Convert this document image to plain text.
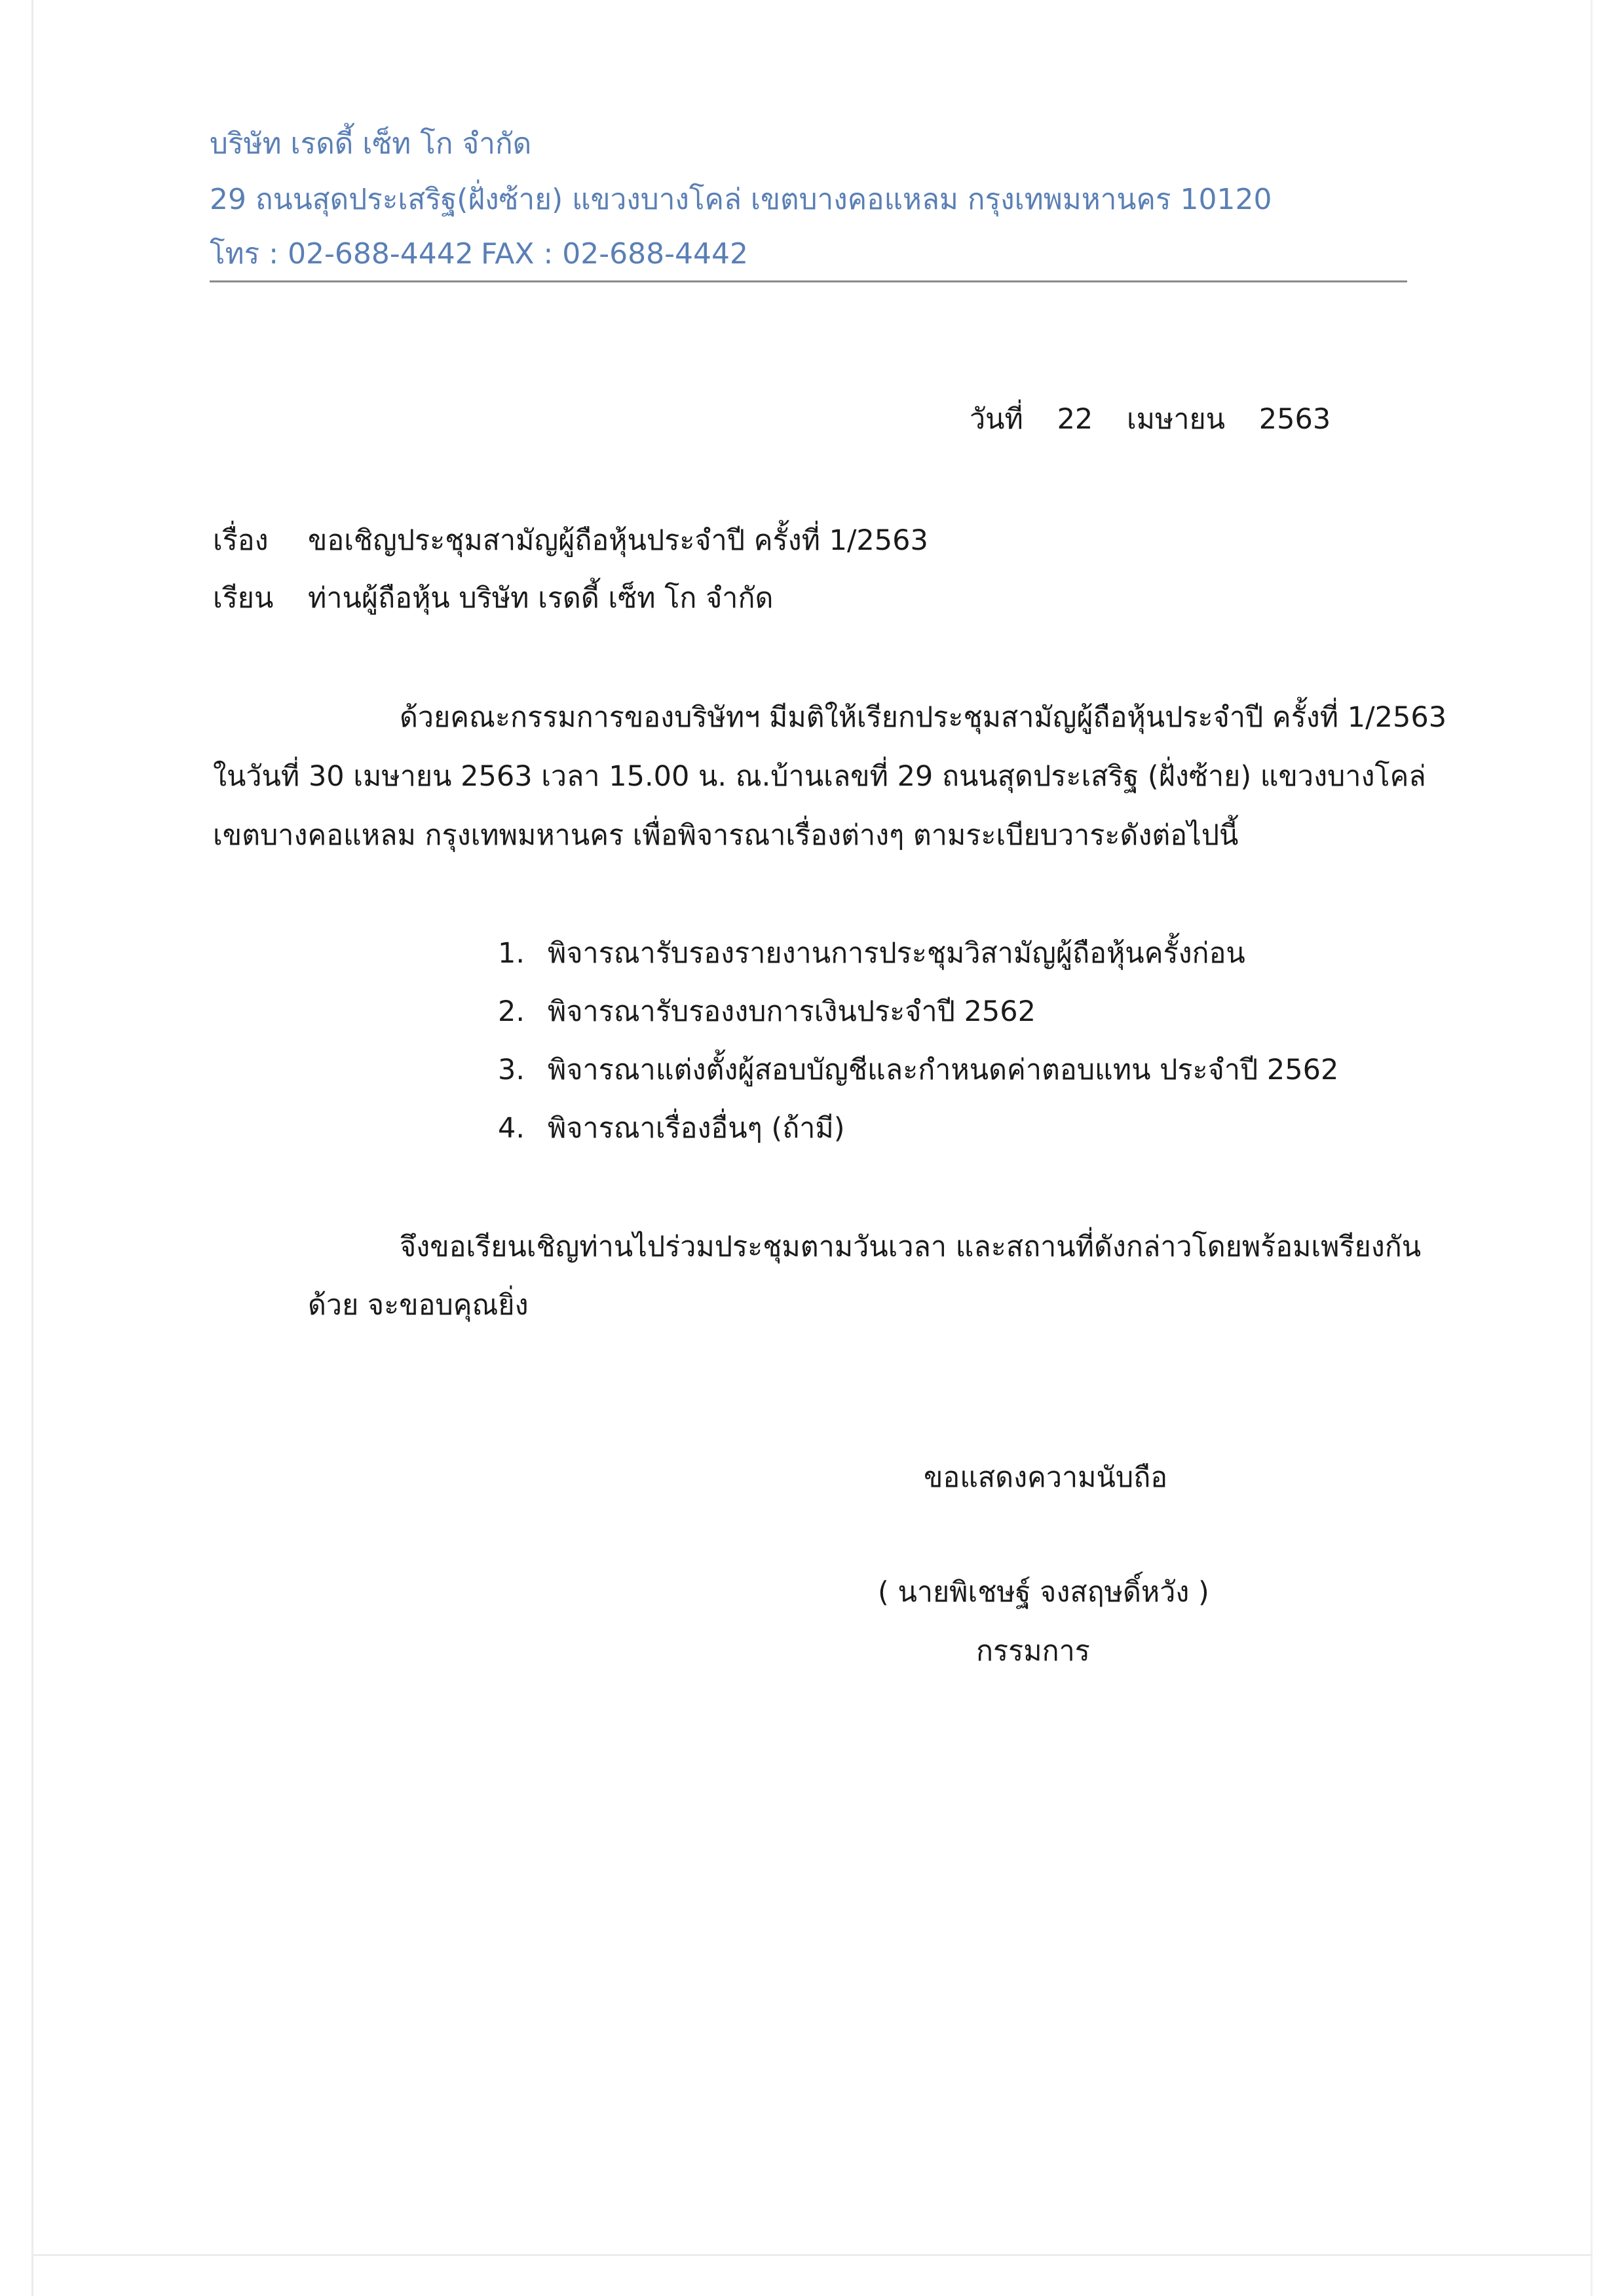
บริษัท เรดดี้ เซ็ท โก จำกัด
29 ถนนสุดประเสริฐ(ฝั่งซ้าย) แขวงบางโคล่ เขตบางคอแหลม กรุงเทพมหานคร 10120
โทร : 02-688-4442 FAX : 02-688-4442
วันที่ 22 เมษายน 2563
เรื่อง ขอเชิญประชุมสามัญผู้ถือหุ้นประจำปี ครั้งที่ 1/2563
เรียน ท่านผู้ถือหุ้น บริษัท เรดดี้ เซ็ท โก จำกัด
ด้วยคณะกรรมการของบริษัทฯ มีมติให้เรียกประชุมสามัญผู้ถือหุ้นประจำปี ครั้งที่ 1/2563
ในวันที่ 30 เมษายน 2563 เวลา 15.00 น. ณ.บ้านเลขที่ 29 ถนนสุดประเสริฐ (ฝั่งซ้าย) แขวงบางโคล่
เขตบางคอแหลม กรุงเทพมหานคร เพื่อพิจารณาเรื่องต่างๆ ตามระเบียบวาระดังต่อไปนี้
1. พิจารณารับรองรายงานการประชุมวิสามัญผู้ถือหุ้นครั้งก่อน
2. พิจารณารับรองงบการเงินประจำปี 2562
3. พิจารณาแต่งตั้งผู้สอบบัญชีและกำหนดค่าตอบแทน ประจำปี 2562
4. พิจารณาเรื่องอื่นๆ (ถ้ามี)
จึงขอเรียนเชิญท่านไปร่วมประชุมตามวันเวลา และสถานที่ดังกล่าวโดยพร้อมเพรียงกัน
ด้วย จะขอบคุณยิ่ง
ขอแสดงความนับถือ
( นายพิเชษฐ์ จงสฤษดิ์หวัง )
กรรมการ
